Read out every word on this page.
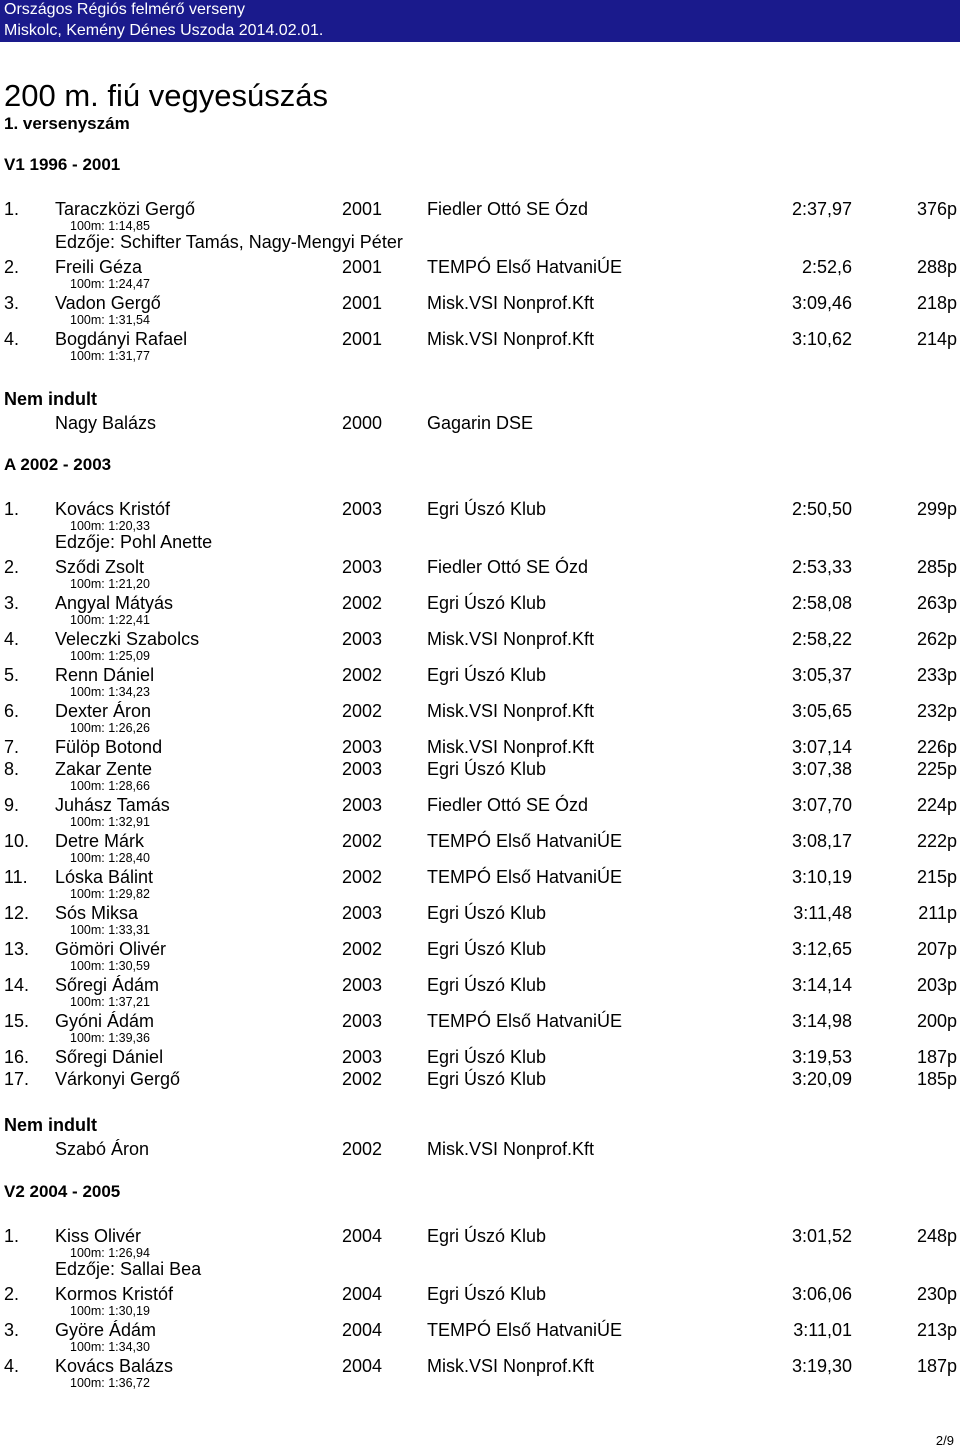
Országos Régiós felmérő verseny
Miskolc, Kemény Dénes Uszoda 2014.02.01.
200 m. fiú vegyesúszás
1. versenyszám
V1 1996 - 2001
1. Taraczközi Gergő	2001 Fiedler Ottó SE Ózd	2:37,97	376p
100m: 1:14,85
Edzője: Schifter Tamás, Nagy-Mengyi Péter
2. Freili Géza	2001 TEMPÓ Első HatvaniÚE	2:52,6	288p
100m: 1:24,47
3. Vadon Gergő	2001 Misk.VSI Nonprof.Kft	3:09,46	218p
100m: 1:31,54
4. Bogdányi Rafael	2001 Misk.VSI Nonprof.Kft	3:10,62	214p
100m: 1:31,77
Nem indult
Nagy Balázs	2000 Gagarin DSE
A 2002 - 2003
1. Kovács Kristóf	2003 Egri Úszó Klub	2:50,50	299p
100m: 1:20,33
Edzője: Pohl Anette
2. Sződi Zsolt	2003 Fiedler Ottó SE Ózd	2:53,33	285p
100m: 1:21,20
3. Angyal Mátyás	2002 Egri Úszó Klub	2:58,08	263p
100m: 1:22,41
4. Veleczki Szabolcs	2003 Misk.VSI Nonprof.Kft	2:58,22	262p
100m: 1:25,09
5. Renn Dániel	2002 Egri Úszó Klub	3:05,37	233p
100m: 1:34,23
6. Dexter Áron	2002 Misk.VSI Nonprof.Kft	3:05,65	232p
100m: 1:26,26
7. Fülöp Botond	2003 Misk.VSI Nonprof.Kft	3:07,14	226p
8. Zakar Zente	2003 Egri Úszó Klub	3:07,38	225p
100m: 1:28,66
9. Juhász Tamás	2003 Fiedler Ottó SE Ózd	3:07,70	224p
100m: 1:32,91
10. Detre Márk	2002 TEMPÓ Első HatvaniÚE	3:08,17	222p
100m: 1:28,40
11. Lóska Bálint	2002 TEMPÓ Első HatvaniÚE	3:10,19	215p
100m: 1:29,82
12. Sós Miksa	2003 Egri Úszó Klub	3:11,48	211p
100m: 1:33,31
13. Gömöri Olivér	2002 Egri Úszó Klub	3:12,65	207p
100m: 1:30,59
14. Sőregi Ádám	2003 Egri Úszó Klub	3:14,14	203p
100m: 1:37,21
15. Gyóni Ádám	2003 TEMPÓ Első HatvaniÚE	3:14,98	200p
100m: 1:39,36
16. Sőregi Dániel	2003 Egri Úszó Klub	3:19,53	187p
17. Várkonyi Gergő	2002 Egri Úszó Klub	3:20,09	185p
Nem indult
Szabó Áron	2002 Misk.VSI Nonprof.Kft
V2 2004 - 2005
1. Kiss Olivér	2004 Egri Úszó Klub	3:01,52	248p
100m: 1:26,94
Edzője: Sallai Bea
2. Kormos Kristóf	2004 Egri Úszó Klub	3:06,06	230p
100m: 1:30,19
3. Györe Ádám	2004 TEMPÓ Első HatvaniÚE	3:11,01	213p
100m: 1:34,30
4. Kovács Balázs	2004 Misk.VSI Nonprof.Kft	3:19,30	187p
100m: 1:36,72
2/9
